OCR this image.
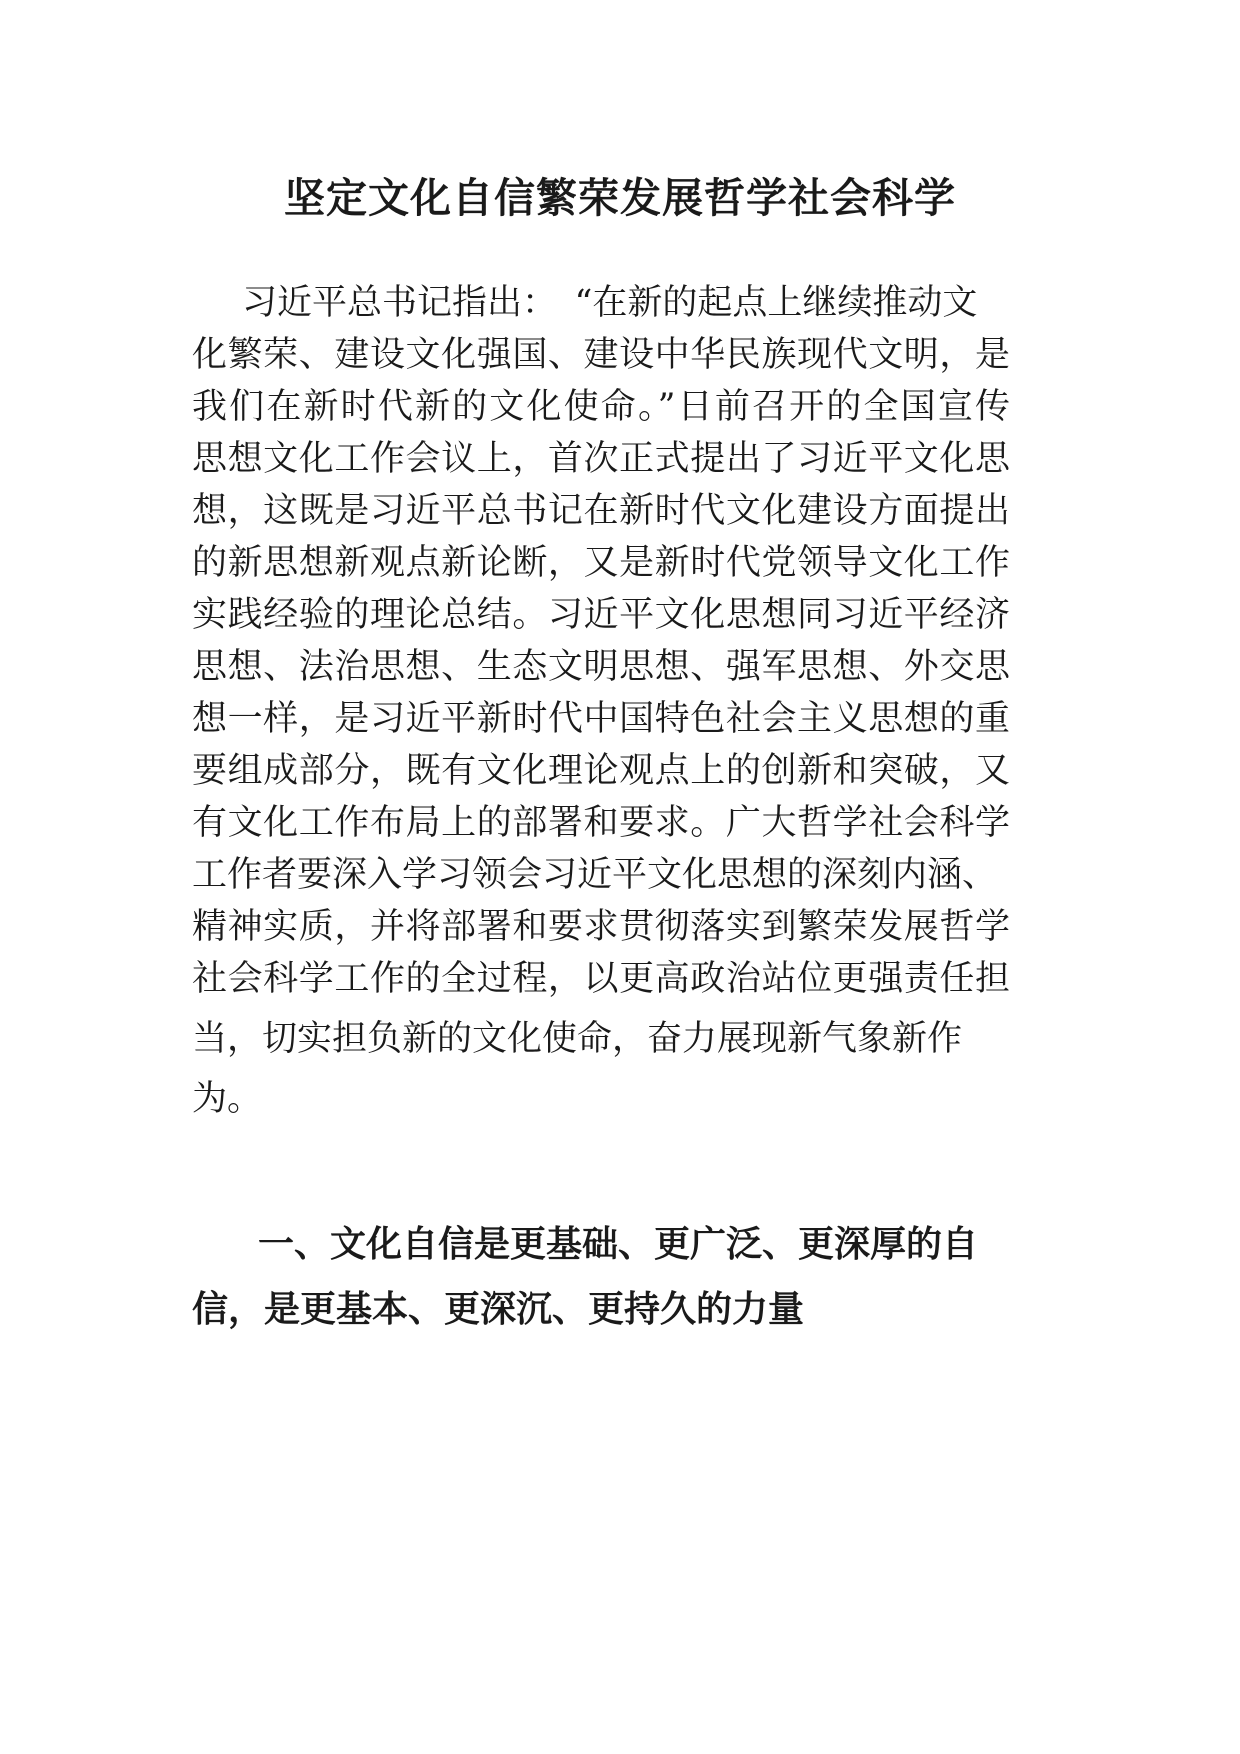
坚定文化自信繁荣发展哲学社会科学

习近平总书记指出：　“在新的起点上继续推动文

化繁荣、建设文化强国、建设中华民族现代文明，是

我们在新时代新的文化使命。”日前召开的全国宣传

思想文化工作会议上，首次正式提出了习近平文化思

想，这既是习近平总书记在新时代文化建设方面提出

的新思想新观点新论断，又是新时代党领导文化工作

实践经验的理论总结。习近平文化思想同习近平经济

思想、法治思想、生态文明思想、强军思想、外交思

想一样，是习近平新时代中国特色社会主义思想的重

要组成部分，既有文化理论观点上的创新和突破，又

有文化工作布局上的部署和要求。广大哲学社会科学

工作者要深入学习领会习近平文化思想的深刻内涵、

精神实质，并将部署和要求贯彻落实到繁荣发展哲学

社会科学工作的全过程，以更高政治站位更强责任担

当，切实担负新的文化使命，奋力展现新气象新作

为。

一、文化自信是更基础、更广泛、更深厚的自

信，是更基本、更深沉、更持久的力量
